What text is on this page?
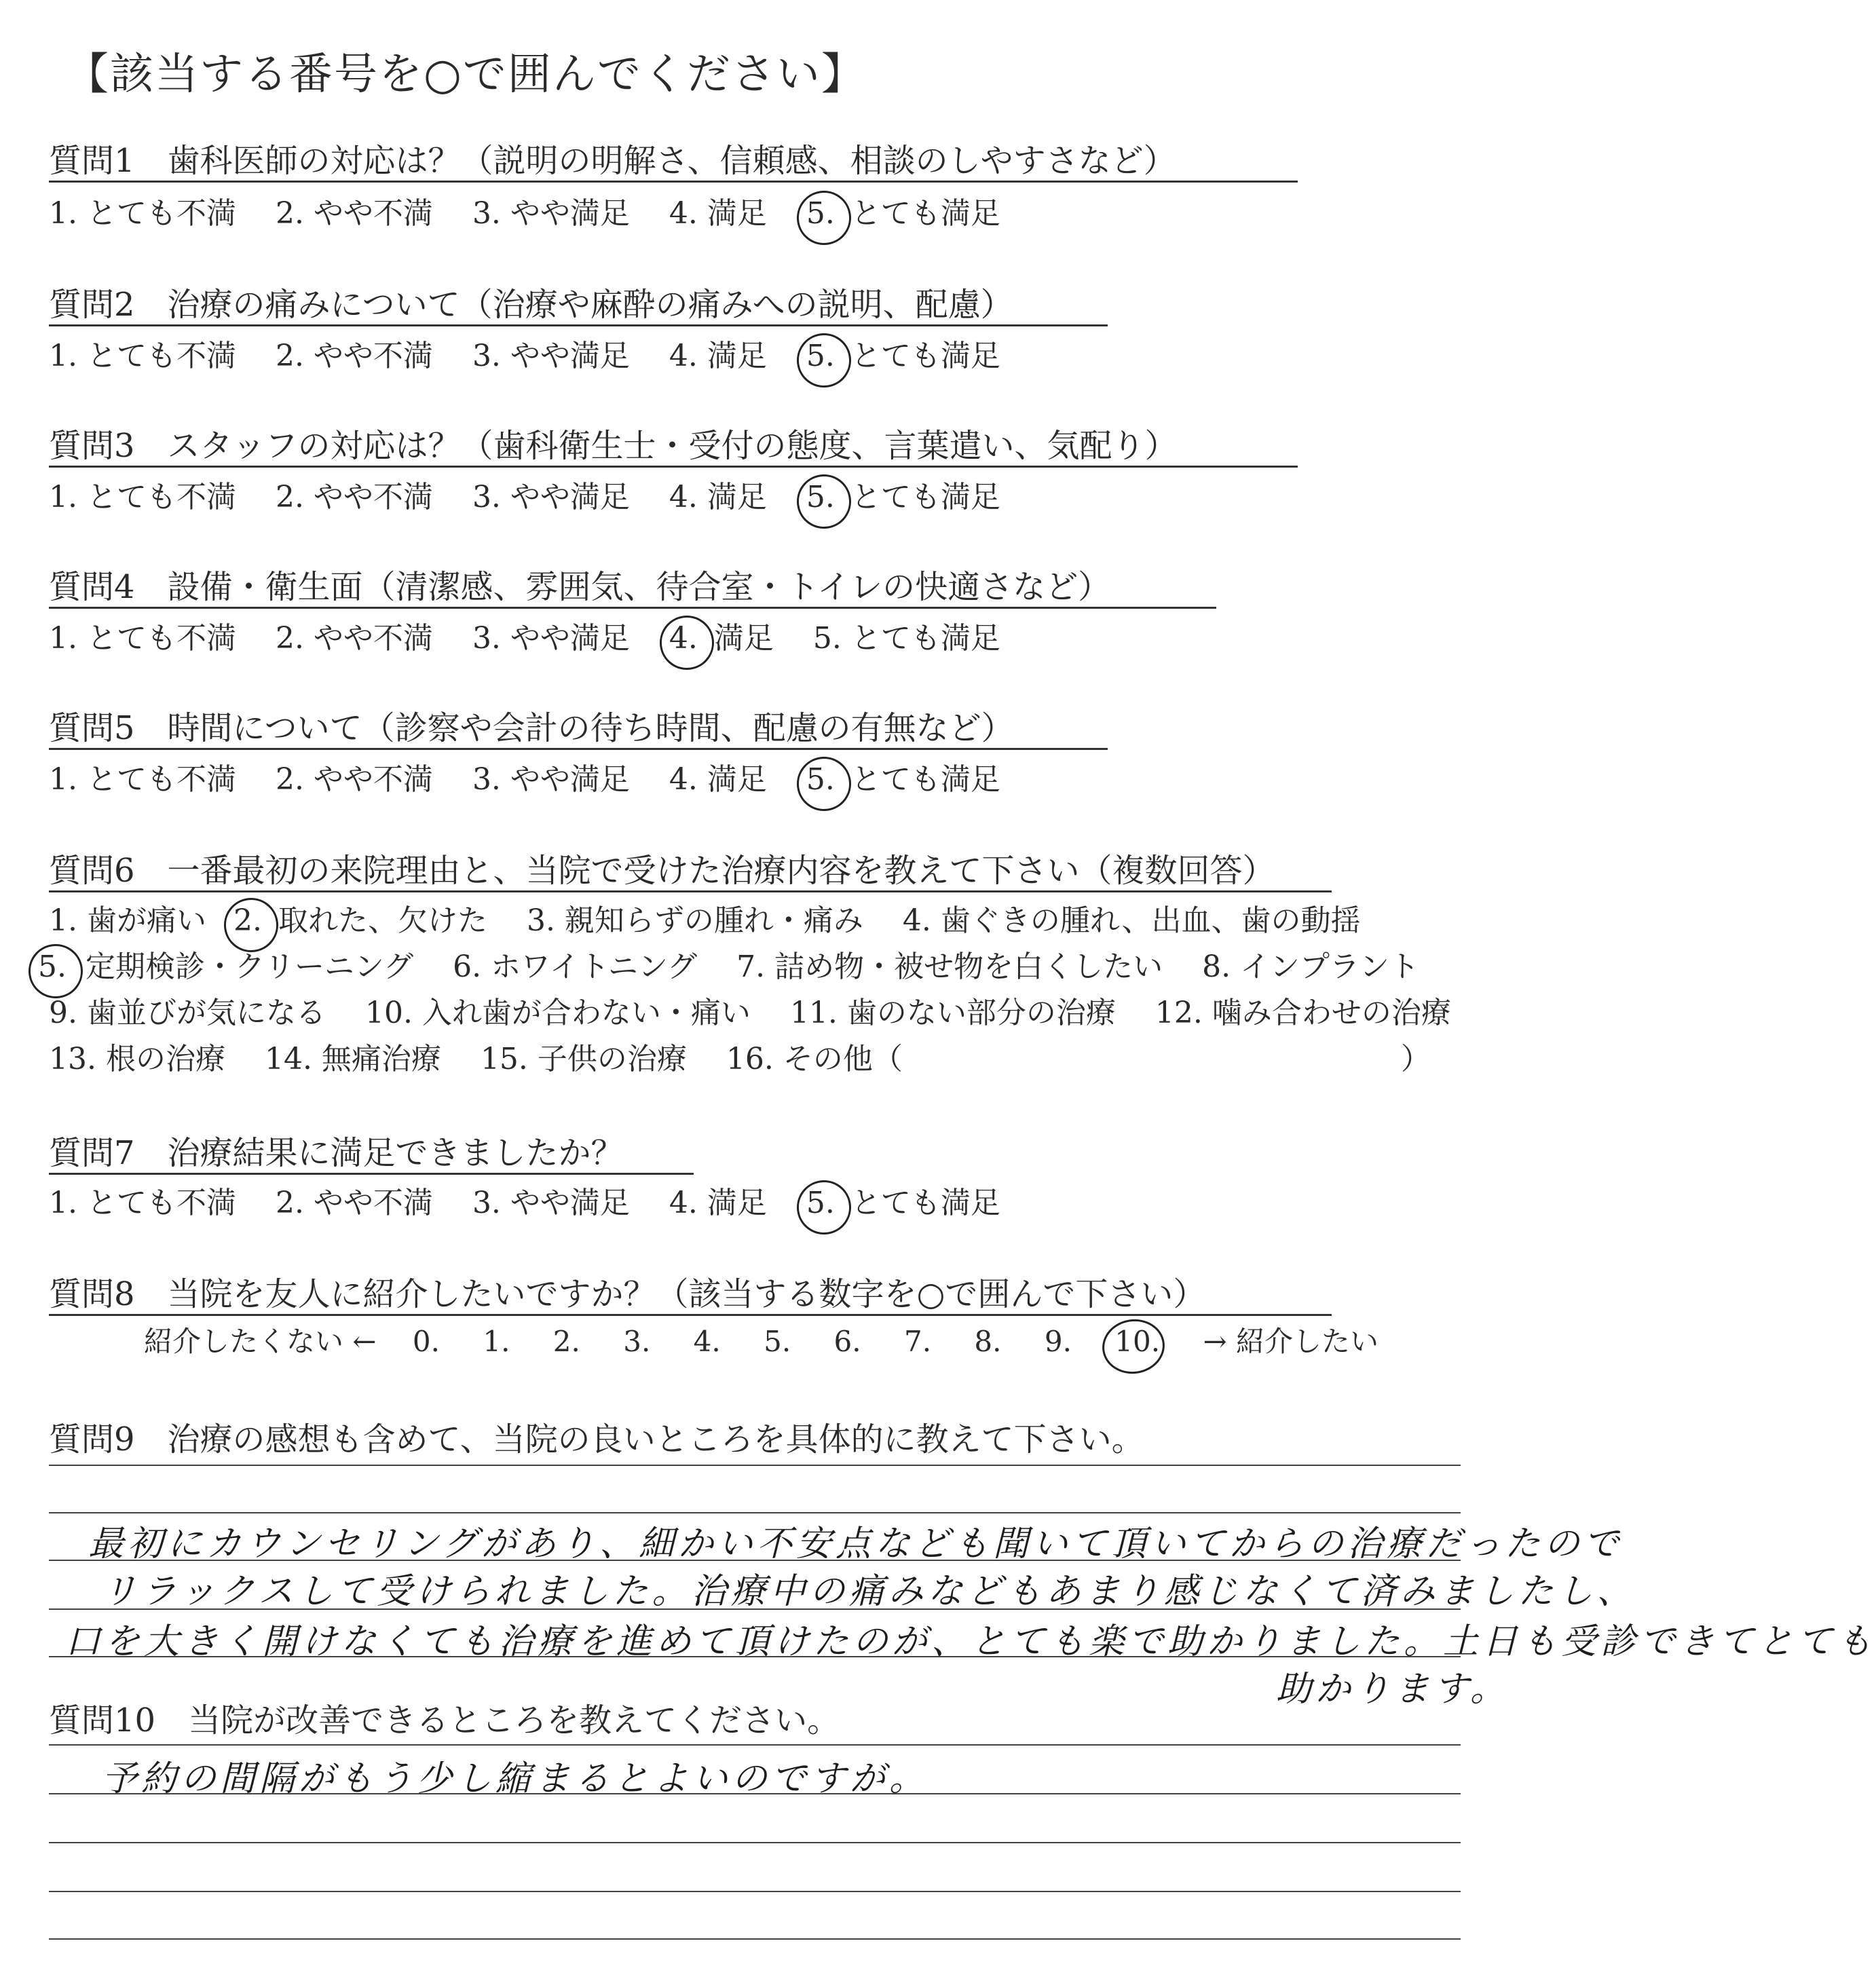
【該当する番号を○で囲んでください】
質問1　歯科医師の対応は？（説明の明解さ、信頼感、相談のしやすさなど）
1. とても不満 2. やや不満 3. やや満足 4. 満足 5. とても満足
質問2　治療の痛みについて（治療や麻酔の痛みへの説明、配慮）
1. とても不満 2. やや不満 3. やや満足 4. 満足 5. とても満足
質問3　スタッフの対応は？（歯科衛生士・受付の態度、言葉遣い、気配り）
1. とても不満 2. やや不満 3. やや満足 4. 満足 5. とても満足
質問4　設備・衛生面（清潔感、雰囲気、待合室・トイレの快適さなど）
1. とても不満 2. やや不満 3. やや満足 4. 満足 5. とても満足
質問5　時間について（診察や会計の待ち時間、配慮の有無など）
1. とても不満 2. やや不満 3. やや満足 4. 満足 5. とても満足
質問6　一番最初の来院理由と、当院で受けた治療内容を教えて下さい（複数回答）
1. 歯が痛い 2. 取れた、欠けた 3. 親知らずの腫れ・痛み 4. 歯ぐきの腫れ、出血、歯の動揺
5. 定期検診・クリーニング 6. ホワイトニング 7. 詰め物・被せ物を白くしたい 8. インプラント
9. 歯並びが気になる 10. 入れ歯が合わない・痛い 11. 歯のない部分の治療 12. 噛み合わせの治療
13. 根の治療 14. 無痛治療 15. 子供の治療 16. その他（	）
質問7　治療結果に満足できましたか？
1. とても不満 2. やや不満 3. やや満足 4. 満足 5. とても満足
質問8　当院を友人に紹介したいですか？（該当する数字を○で囲んで下さい）
紹介したくない ← 0. 1. 2. 3. 4. 5. 6. 7. 8. 9. 10. → 紹介したい
質問9　治療の感想も含めて、当院の良いところを具体的に教えて下さい。
最初にカウンセリングがあり、細かい不安点なども聞いて頂いてからの治療だったので
リラックスして受けられました。治療中の痛みなどもあまり感じなくて済みましたし、
口を大きく開けなくても治療を進めて頂けたのが、とても楽で助かりました。土日も受診できてとても
助かります。
質問10　当院が改善できるところを教えてください。
予約の間隔がもう少し縮まるとよいのですが。
